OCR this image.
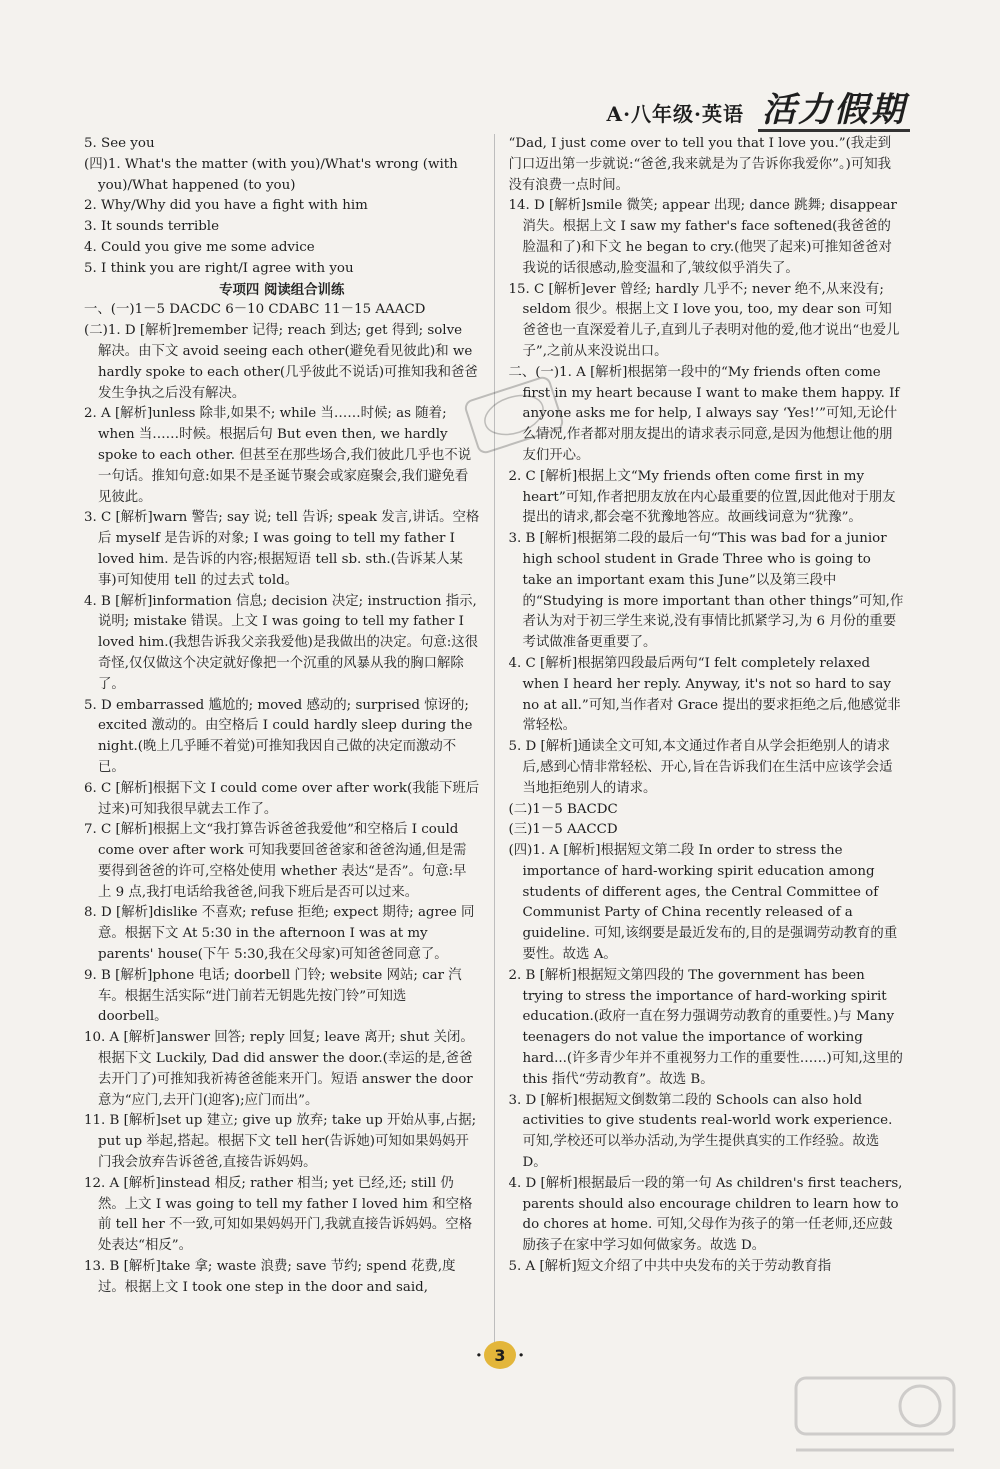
A·八年级·英语 活力假期

5. See you

(四)1. What's the matter (with you)/What's wrong (with you)/What happened (to you)

2. Why/Why did you have a fight with him

3. It sounds terrible

4. Could you give me some advice

5. I think you are right/I agree with you

专项四 阅读组合训练

一、(一)1－5 DACDC 6－10 CDABC 11－15 AAACD

(二)1. D [解析]remember 记得; reach 到达; get 得到; solve 解决。由下文 avoid seeing each other(避免看见彼此)和 we hardly spoke to each other(几乎彼此不说话)可推知我和爸爸发生争执之后没有解决。

2. A [解析]unless 除非,如果不; while 当……时候; as 随着; when 当……时候。根据后句 But even then, we hardly spoke to each other. 但甚至在那些场合,我们彼此几乎也不说一句话。推知句意:如果不是圣诞节聚会或家庭聚会,我们避免看见彼此。

3. C [解析]warn 警告; say 说; tell 告诉; speak 发言,讲话。空格后 myself 是告诉的对象; I was going to tell my father I loved him. 是告诉的内容;根据短语 tell sb. sth.(告诉某人某事)可知使用 tell 的过去式 told。

4. B [解析]information 信息; decision 决定; instruction 指示,说明; mistake 错误。上文 I was going to tell my father I loved him.(我想告诉我父亲我爱他)是我做出的决定。句意:这很奇怪,仅仅做这个决定就好像把一个沉重的风暴从我的胸口解除了。

5. D embarrassed 尴尬的; moved 感动的; surprised 惊讶的; excited 激动的。由空格后 I could hardly sleep during the night.(晚上几乎睡不着觉)可推知我因自己做的决定而激动不已。

6. C [解析]根据下文 I could come over after work(我能下班后过来)可知我很早就去工作了。

7. C [解析]根据上文“我打算告诉爸爸我爱他”和空格后 I could come over after work 可知我要回爸爸家和爸爸沟通,但是需要得到爸爸的许可,空格处使用 whether 表达“是否”。句意:早上 9 点,我打电话给我爸爸,问我下班后是否可以过来。

8. D [解析]dislike 不喜欢; refuse 拒绝; expect 期待; agree 同意。根据下文 At 5:30 in the afternoon I was at my parents' house(下午 5:30,我在父母家)可知爸爸同意了。

9. B [解析]phone 电话; doorbell 门铃; website 网站; car 汽车。根据生活实际“进门前若无钥匙先按门铃”可知选 doorbell。

10. A [解析]answer 回答; reply 回复; leave 离开; shut 关闭。根据下文 Luckily, Dad did answer the door.(幸运的是,爸爸去开门了)可推知我祈祷爸爸能来开门。短语 answer the door 意为“应门,去开门(迎客);应门而出”。

11. B [解析]set up 建立; give up 放弃; take up 开始从事,占据; put up 举起,搭起。根据下文 tell her(告诉她)可知如果妈妈开门我会放弃告诉爸爸,直接告诉妈妈。

12. A [解析]instead 相反; rather 相当; yet 已经,还; still 仍然。上文 I was going to tell my father I loved him 和空格前 tell her 不一致,可知如果妈妈开门,我就直接告诉妈妈。空格处表达“相反”。

13. B [解析]take 拿; waste 浪费; save 节约; spend 花费,度过。根据上文 I took one step in the door and said,

“Dad, I just come over to tell you that I love you.”(我走到门口迈出第一步就说:“爸爸,我来就是为了告诉你我爱你”。)可知我没有浪费一点时间。

14. D [解析]smile 微笑; appear 出现; dance 跳舞; disappear 消失。根据上文 I saw my father's face softened(我爸爸的脸温和了)和下文 he began to cry.(他哭了起来)可推知爸爸对我说的话很感动,脸变温和了,皱纹似乎消失了。

15. C [解析]ever 曾经; hardly 几乎不; never 绝不,从来没有; seldom 很少。根据上文 I love you, too, my dear son 可知爸爸也一直深爱着儿子,直到儿子表明对他的爱,他才说出“也爱儿子”,之前从来没说出口。

二、(一)1. A [解析]根据第一段中的“My friends often come first in my heart because I want to make them happy. If anyone asks me for help, I always say ‘Yes!’”可知,无论什么情况,作者都对朋友提出的请求表示同意,是因为他想让他的朋友们开心。

2. C [解析]根据上文“My friends often come first in my heart”可知,作者把朋友放在内心最重要的位置,因此他对于朋友提出的请求,都会毫不犹豫地答应。故画线词意为“犹豫”。

3. B [解析]根据第二段的最后一句“This was bad for a junior high school student in Grade Three who is going to take an important exam this June”以及第三段中的“Studying is more important than other things”可知,作者认为对于初三学生来说,没有事情比抓紧学习,为 6 月份的重要考试做准备更重要了。

4. C [解析]根据第四段最后两句“I felt completely relaxed when I heard her reply. Anyway, it's not so hard to say no at all.”可知,当作者对 Grace 提出的要求拒绝之后,他感觉非常轻松。

5. D [解析]通读全文可知,本文通过作者自从学会拒绝别人的请求后,感到心情非常轻松、开心,旨在告诉我们在生活中应该学会适当地拒绝别人的请求。

(二)1－5 BACDC

(三)1－5 AACCD

(四)1. A [解析]根据短文第二段 In order to stress the importance of hard-working spirit education among students of different ages, the Central Committee of Communist Party of China recently released of a guideline. 可知,该纲要是最近发布的,目的是强调劳动教育的重要性。故选 A。

2. B [解析]根据短文第四段的 The government has been trying to stress the importance of hard-working spirit education.(政府一直在努力强调劳动教育的重要性。)与 Many teenagers do not value the importance of working hard...(许多青少年并不重视努力工作的重要性……)可知,这里的 this 指代“劳动教育”。故选 B。

3. D [解析]根据短文倒数第二段的 Schools can also hold activities to give students real-world work experience. 可知,学校还可以举办活动,为学生提供真实的工作经验。故选 D。

4. D [解析]根据最后一段的第一句 As children's first teachers, parents should also encourage children to learn how to do chores at home. 可知,父母作为孩子的第一任老师,还应鼓励孩子在家中学习如何做家务。故选 D。

5. A [解析]短文介绍了中共中央发布的关于劳动教育指

· 3 ·
